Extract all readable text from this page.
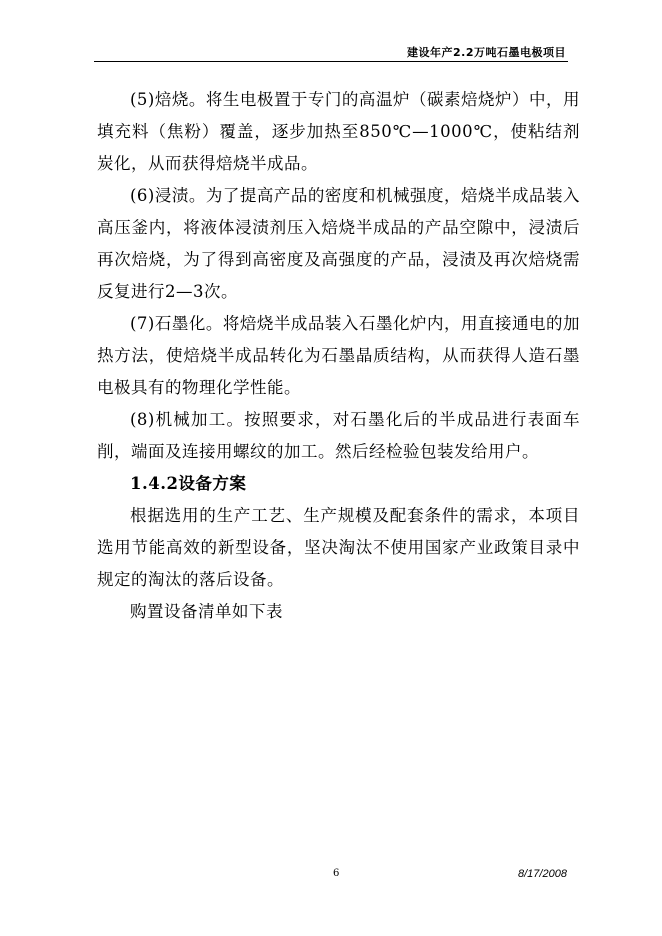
建设年产2.2万吨石墨电极项目

(5)焙烧。将生电极置于专门的高温炉（碳素焙烧炉）中，用填充料（焦粉）覆盖，逐步加热至850℃—1000℃，使粘结剂炭化，从而获得焙烧半成品。

(6)浸渍。为了提高产品的密度和机械强度，焙烧半成品装入高压釜内，将液体浸渍剂压入焙烧半成品的产品空隙中，浸渍后再次焙烧，为了得到高密度及高强度的产品，浸渍及再次焙烧需反复进行2—3次。

(7)石墨化。将焙烧半成品装入石墨化炉内，用直接通电的加热方法，使焙烧半成品转化为石墨晶质结构，从而获得人造石墨电极具有的物理化学性能。

(8)机械加工。按照要求，对石墨化后的半成品进行表面车削，端面及连接用螺纹的加工。然后经检验包装发给用户。

1.4.2设备方案

根据选用的生产工艺、生产规模及配套条件的需求，本项目选用节能高效的新型设备，坚决淘汰不使用国家产业政策目录中规定的淘汰的落后设备。

购置设备清单如下表

6	8/17/2008
